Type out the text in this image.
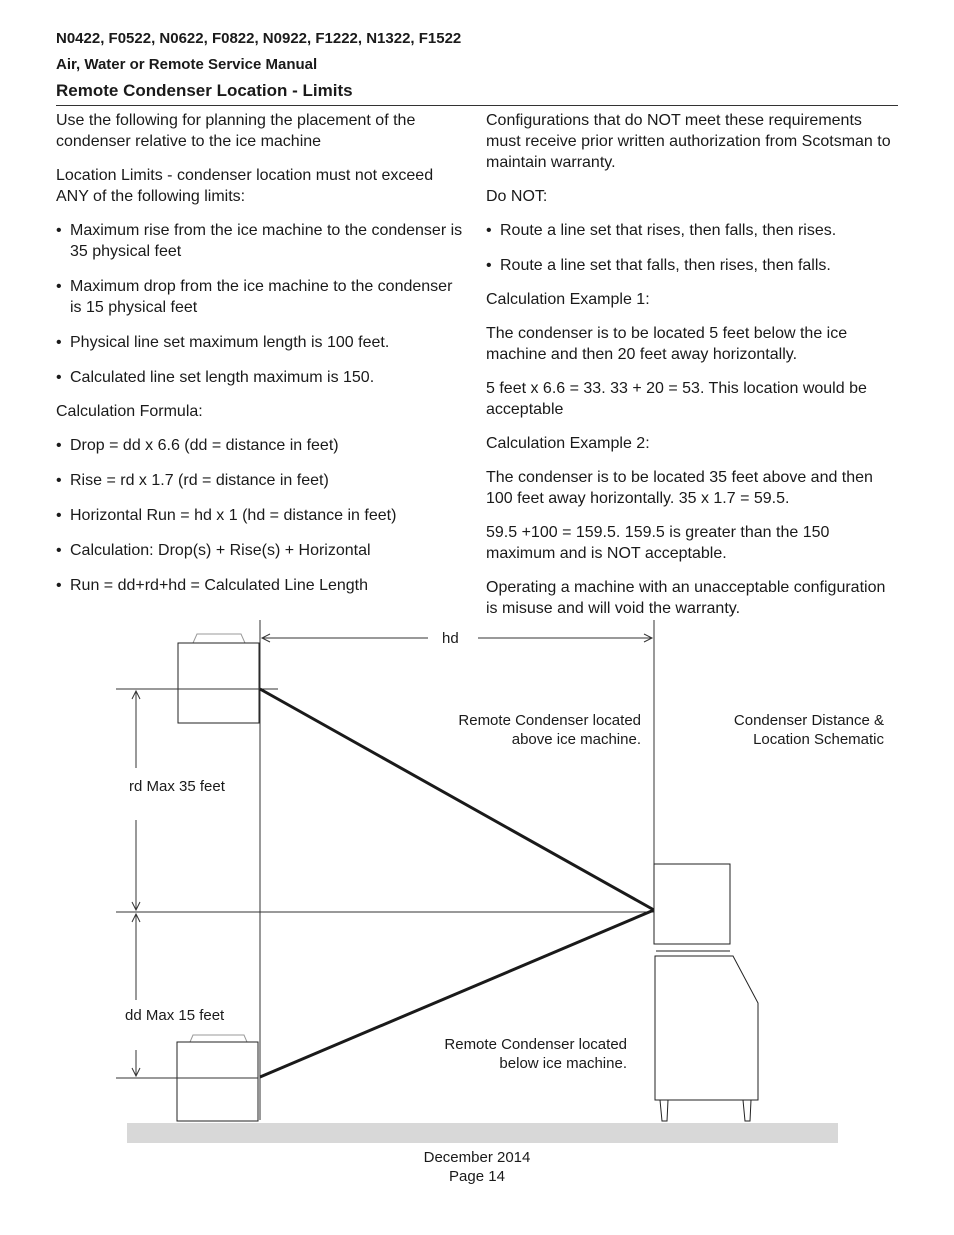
N0422, F0522, N0622, F0822, N0922, F1222, N1322, F1522
Air, Water or Remote Service Manual
Remote Condenser Location - Limits

Use the following for planning the placement of the condenser relative to the ice machine

Location Limits - condenser location must not exceed ANY of the following limits:

• Maximum rise from the ice machine to the condenser is 35 physical feet
• Maximum drop from the ice machine to the condenser is 15 physical feet
• Physical line set maximum length is 100 feet.
• Calculated line set length maximum is 150.

Calculation Formula:

• Drop = dd x 6.6 (dd = distance in feet)
• Rise = rd x 1.7 (rd = distance in feet)
• Horizontal Run = hd x 1 (hd = distance in feet)
• Calculation: Drop(s) + Rise(s) + Horizontal
• Run = dd+rd+hd = Calculated Line Length

Configurations that do NOT meet these requirements must receive prior written authorization from Scotsman to maintain warranty.

Do NOT:

• Route a line set that rises, then falls, then rises.
• Route a line set that falls, then rises, then falls.

Calculation Example 1:

The condenser is to be located 5 feet below the ice machine and then 20 feet away horizontally.

5 feet x 6.6 = 33. 33 + 20 = 53. This location would be acceptable

Calculation Example 2:

The condenser is to be located 35 feet above and then 100 feet away horizontally. 35 x 1.7 = 59.5.

59.5 +100 = 159.5. 159.5 is greater than the 150 maximum and is NOT acceptable.

Operating a machine with an unacceptable configuration is misuse and will void the warranty.

hd
Remote Condenser located
above ice machine.
Condenser Distance &
Location Schematic
rd Max 35 feet
dd Max 15 feet
Remote Condenser located
below ice machine.
December 2014
Page 14
